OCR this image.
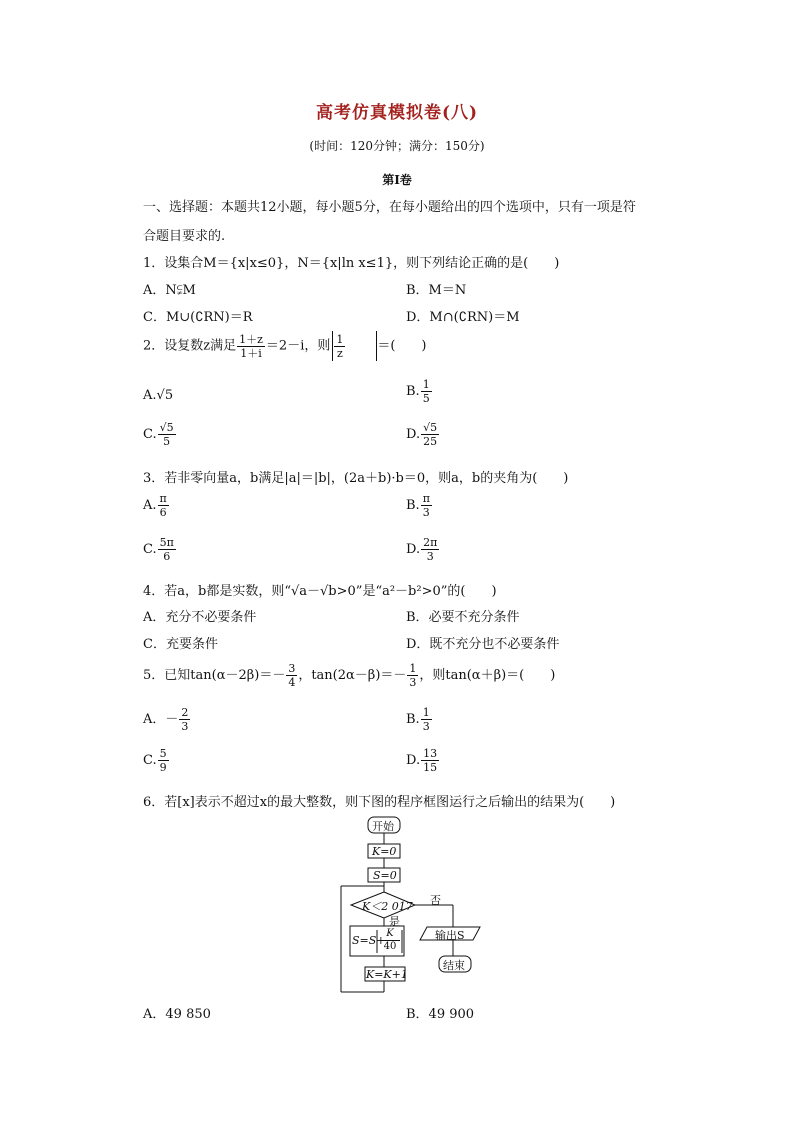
高考仿真模拟卷(八)
(时间：120分钟；满分：150分)
第Ⅰ卷
一、选择题：本题共12小题，每小题5分，在每小题给出的四个选项中，只有一项是符
合题目要求的.
1．设集合M＝{x|x≤0}，N＝{x|ln x≤1}，则下列结论正确的是(　　)
A．N⫋M	B．M＝N
C．M∪(∁RN)＝R	D．M∩(∁RN)＝M
2．设复数z满足 $\frac{1+z}{1+i} =2-i$，则 $\frac{1}{z}$ ＝(　　)
A.√5	B. $\frac{1}{5}$
C. $\frac{√5}{5}$	D. $\frac{√5}{25}$
3．若非零向量a，b满足|a|＝|b|，(2a＋b)·b＝0，则a，b的夹角为(　　)
A. $\frac{\pi}{6}$	B. $\frac{\pi}{3}$
C. $\frac{5\pi}{6}$	D. $\frac{2\pi}{3}$
4．若a，b都是实数，则“√a－√b>0”是“a²－b²>0”的(　　)
A．充分不必要条件	B．必要不充分条件
C．充要条件	D．既不充分也不必要条件
5．已知$\tan(\alpha-2\beta)=- \frac{3}{4}$ ，$\tan(2\alpha-\beta)=- \frac{1}{3}$ ，则tan(α＋β)＝(　　)
A．－ $\frac{2}{3}$	B. $\frac{1}{3}$
C. $\frac{5}{9}$	D. $\frac{13}{15}$
6．若[x]表示不超过x的最大整数，则下图的程序框图运行之后输出的结果为(　　)
开始
K=0
S=0
K＜2 017 否
是
S=S+
$\frac{K}{40}$	输出S
结束
K=K+1
A．49 850	B．49 900
